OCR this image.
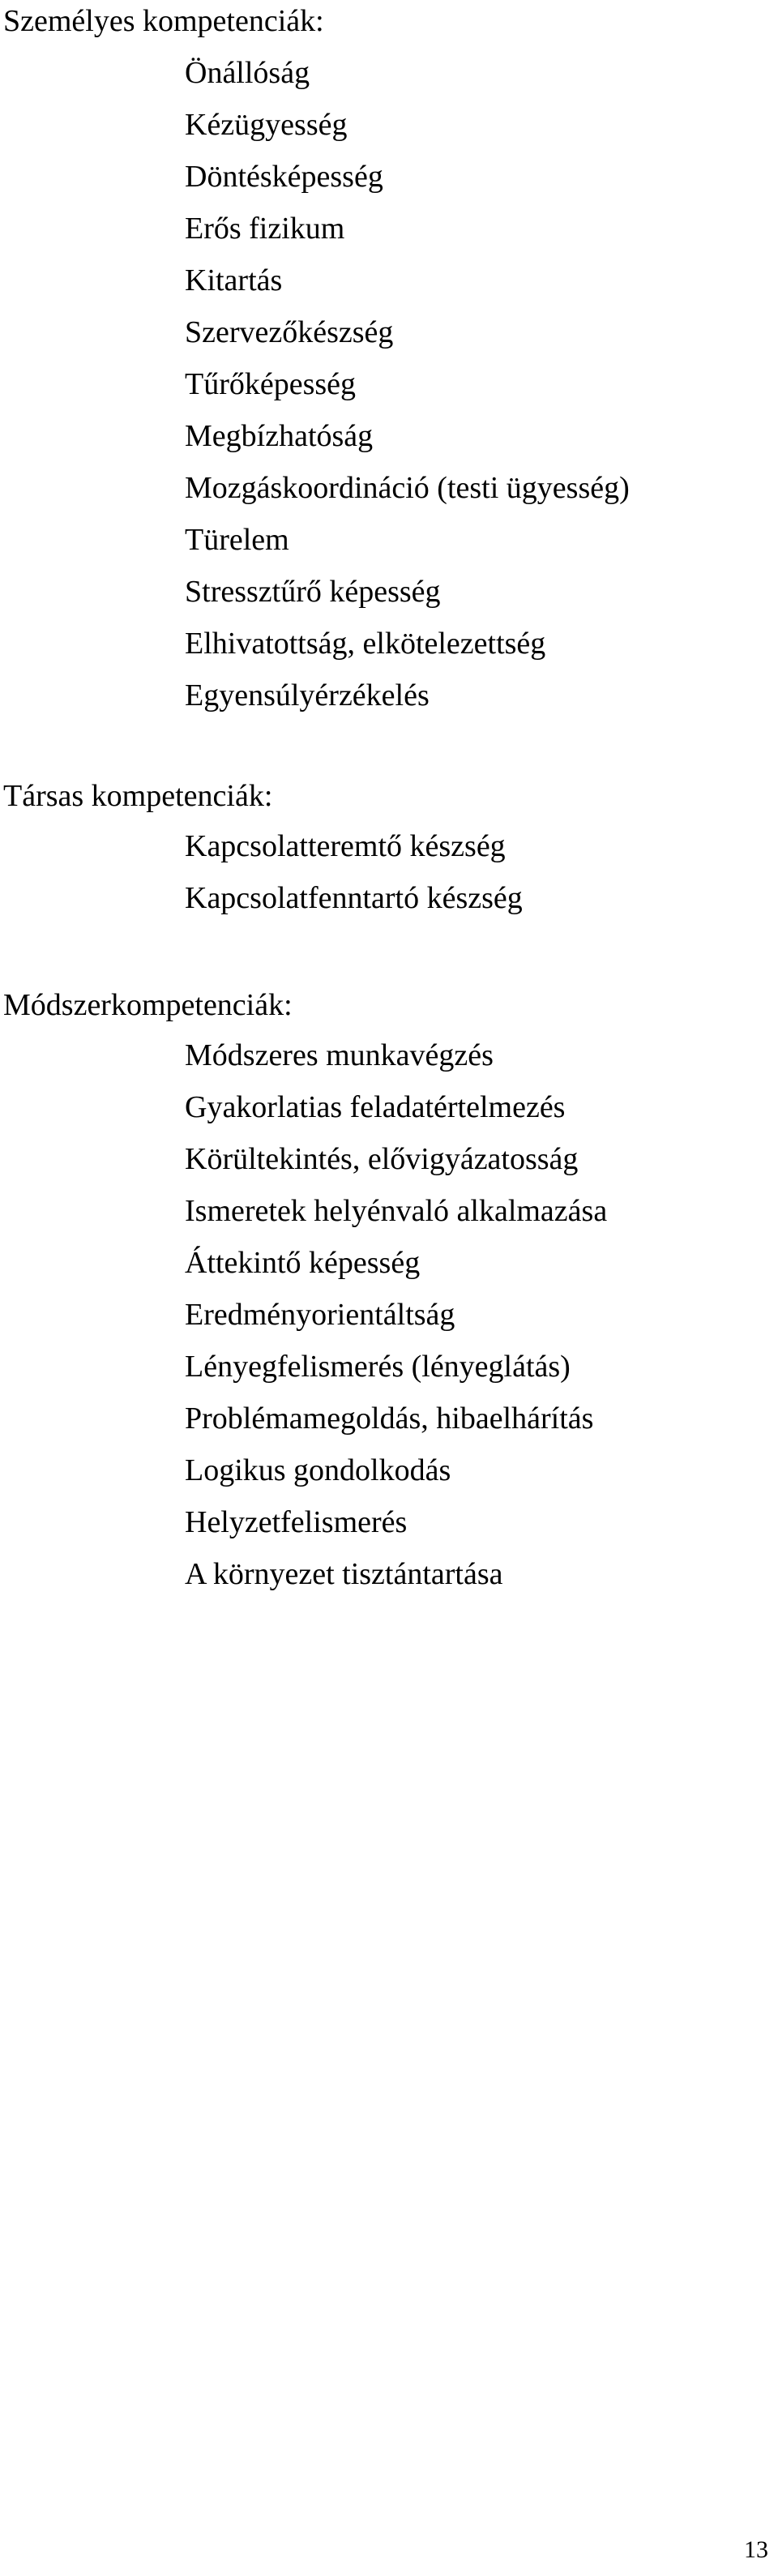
Személyes kompetenciák:
Önállóság
Kézügyesség
Döntésképesség
Erős fizikum
Kitartás
Szervezőkészség
Tűrőképesség
Megbízhatóság
Mozgáskoordináció (testi ügyesség)
Türelem
Stressztűrő képesség
Elhivatottság, elkötelezettség
Egyensúlyérzékelés
Társas kompetenciák:
Kapcsolatteremtő készség
Kapcsolatfenntartó készség
Módszerkompetenciák:
Módszeres munkavégzés
Gyakorlatias feladatértelmezés
Körültekintés, elővigyázatosság
Ismeretek helyénvaló alkalmazása
Áttekintő képesség
Eredményorientáltság
Lényegfelismerés (lényeglátás)
Problémamegoldás, hibaelhárítás
Logikus gondolkodás
Helyzetfelismerés
A környezet tisztántartása
13
